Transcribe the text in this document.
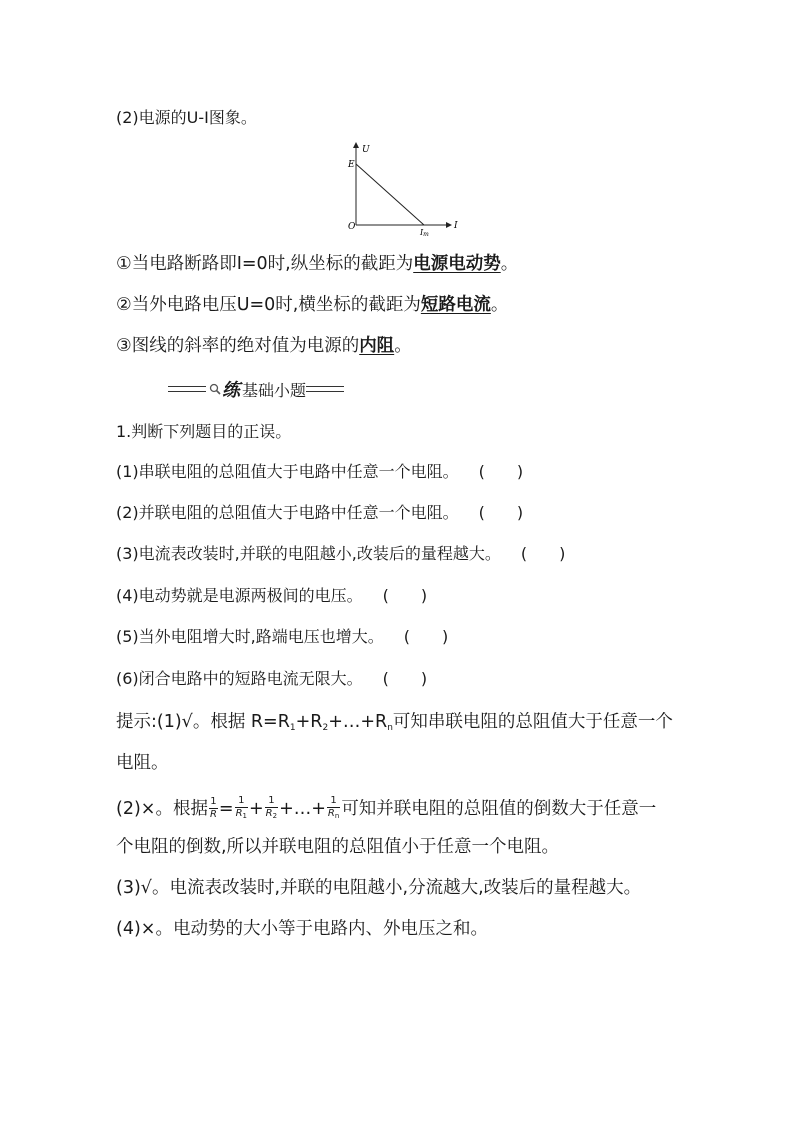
(2)电源的U-I图象。
U
I
E
O
Im
①当电路断路即I=0时,纵坐标的截距为电源电动势。
②当外电路电压U=0时,横坐标的截距为短路电流。
③图线的斜率的绝对值为电源的内阻。
练 基础小题
1.判断下列题目的正误。
(1)串联电阻的总阻值大于电路中任意一个电阻。 (　　)
(2)并联电阻的总阻值大于电路中任意一个电阻。 (　　)
(3)电流表改装时,并联的电阻越小,改装后的量程越大。 (　　)
(4)电动势就是电源两极间的电压。 (　　)
(5)当外电阻增大时,路端电压也增大。 (　　)
(6)闭合电路中的短路电流无限大。 (　　)
提示:(1)√。根据 $R=R_1+R_2+\dots+R_n$可知串联电阻的总阻值大于任意一个
电阻。
(2)×。根据 $\frac{1}{R} = \frac{1}{R_1} + \frac{1}{R_2}$ +…+ $\frac{1}{R_n}$ 可知并联电阻的总阻值的倒数大于任意一
个电阻的倒数,所以并联电阻的总阻值小于任意一个电阻。
(3)√。电流表改装时,并联的电阻越小,分流越大,改装后的量程越大。
(4)×。电动势的大小等于电路内、外电压之和。
